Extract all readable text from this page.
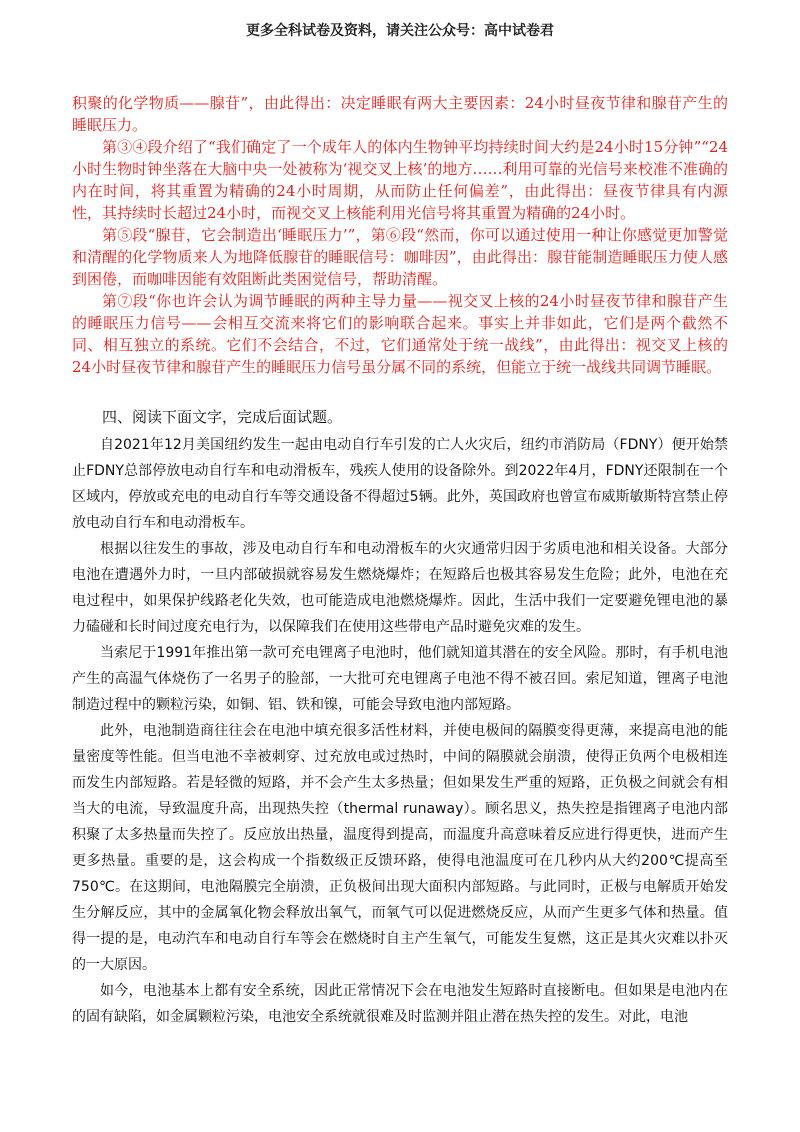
更多全科试卷及资料，请关注公众号：高中试卷君

积聚的化学物质——腺苷”，由此得出：决定睡眠有两大主要因素：24小时昼夜节律和腺苷产生的睡眠压力。

第③④段介绍了“我们确定了一个成年人的体内生物钟平均持续时间大约是24小时15分钟”“24小时生物时钟坐落在大脑中央一处被称为‘视交叉上核’的地方……利用可靠的光信号来校准不准确的内在时间，将其重置为精确的24小时周期，从而防止任何偏差”，由此得出：昼夜节律具有内源性，其持续时长超过24小时，而视交叉上核能利用光信号将其重置为精确的24小时。

第⑤段“腺苷，它会制造出‘睡眠压力’”，第⑥段“然而，你可以通过使用一种让你感觉更加警觉和清醒的化学物质来人为地降低腺苷的睡眠信号：咖啡因”，由此得出：腺苷能制造睡眠压力使人感到困倦，而咖啡因能有效阻断此类困觉信号，帮助清醒。

第⑦段“你也许会认为调节睡眠的两种主导力量——视交叉上核的24小时昼夜节律和腺苷产生的睡眠压力信号——会相互交流来将它们的影响联合起来。事实上并非如此，它们是两个截然不同、相互独立的系统。它们不会结合，不过，它们通常处于统一战线”，由此得出：视交叉上核的24小时昼夜节律和腺苷产生的睡眠压力信号虽分属不同的系统，但能立于统一战线共同调节睡眠。

四、阅读下面文字，完成后面试题。

自2021年12月美国纽约发生一起由电动自行车引发的亡人火灾后，纽约市消防局（FDNY）便开始禁止FDNY总部停放电动自行车和电动滑板车，残疾人使用的设备除外。到2022年4月，FDNY还限制在一个区域内，停放或充电的电动自行车等交通设备不得超过5辆。此外，英国政府也曾宣布威斯敏斯特宫禁止停放电动自行车和电动滑板车。

根据以往发生的事故，涉及电动自行车和电动滑板车的火灾通常归因于劣质电池和相关设备。大部分电池在遭遇外力时，一旦内部破损就容易发生燃烧爆炸；在短路后也极其容易发生危险；此外，电池在充电过程中，如果保护线路老化失效，也可能造成电池燃烧爆炸。因此，生活中我们一定要避免锂电池的暴力磕碰和长时间过度充电行为，以保障我们在使用这些带电产品时避免灾难的发生。

当索尼于1991年推出第一款可充电锂离子电池时，他们就知道其潜在的安全风险。那时，有手机电池产生的高温气体烧伤了一名男子的脸部，一大批可充电锂离子电池不得不被召回。索尼知道，锂离子电池制造过程中的颗粒污染，如铜、铝、铁和镍，可能会导致电池内部短路。

此外，电池制造商往往会在电池中填充很多活性材料，并使电极间的隔膜变得更薄，来提高电池的能量密度等性能。但当电池不幸被刺穿、过充放电或过热时，中间的隔膜就会崩溃，使得正负两个电极相连而发生内部短路。若是轻微的短路，并不会产生太多热量；但如果发生严重的短路，正负极之间就会有相当大的电流，导致温度升高，出现热失控（thermal runaway）。顾名思义，热失控是指锂离子电池内部积聚了太多热量而失控了。反应放出热量，温度得到提高，而温度升高意味着反应进行得更快，进而产生更多热量。重要的是，这会构成一个指数级正反馈环路，使得电池温度可在几秒内从大约200℃提高至750℃。在这期间，电池隔膜完全崩溃，正负极间出现大面积内部短路。与此同时，正极与电解质开始发生分解反应，其中的金属氧化物会释放出氧气，而氧气可以促进燃烧反应，从而产生更多气体和热量。值得一提的是，电动汽车和电动自行车等会在燃烧时自主产生氧气，可能发生复燃，这正是其火灾难以扑灭的一大原因。

如今，电池基本上都有安全系统，因此正常情况下会在电池发生短路时直接断电。但如果是电池内在的固有缺陷，如金属颗粒污染，电池安全系统就很难及时监测并阻止潜在热失控的发生。对此，电池
